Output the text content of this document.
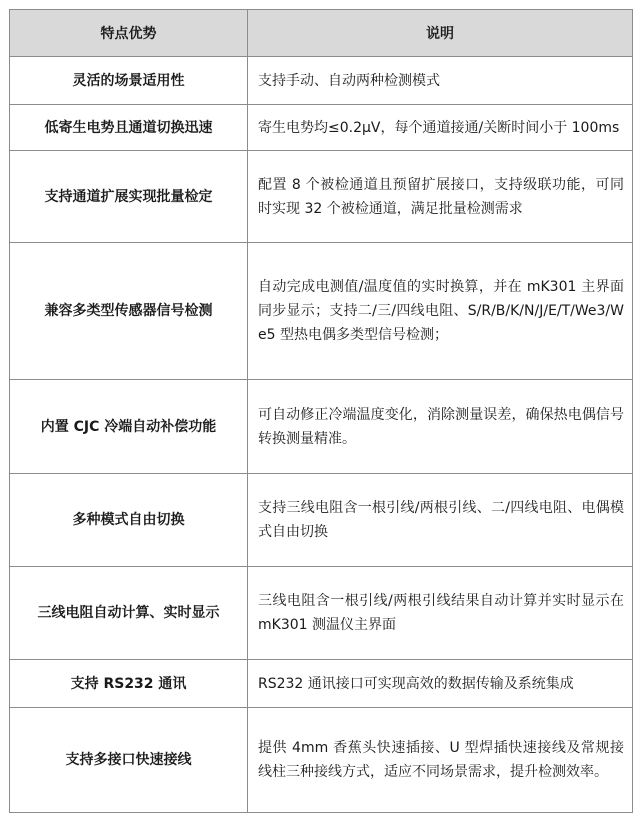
特点优势	说明
灵活的场景适用性	支持手动、自动两种检测模式
低寄生电势且通道切换迅速	寄生电势均≤0.2μV，每个通道接通/关断时间小于 100ms
支持通道扩展实现批量检定	配置 8 个被检通道且预留扩展接口，支持级联功能，可同时实现 32 个被检通道，满足批量检测需求
兼容多类型传感器信号检测	自动完成电测值/温度值的实时换算，并在 mK301 主界面同步显示；支持二/三/四线电阻、S/R/B/K/N/J/E/T/We3/We5 型热电偶多类型信号检测；
内置 CJC 冷端自动补偿功能	可自动修正冷端温度变化，消除测量误差，确保热电偶信号转换测量精准。
多种模式自由切换	支持三线电阻含一根引线/两根引线、二/四线电阻、电偶模式自由切换
三线电阻自动计算、实时显示	三线电阻含一根引线/两根引线结果自动计算并实时显示在 mK301 测温仪主界面
支持 RS232 通讯	RS232 通讯接口可实现高效的数据传输及系统集成
支持多接口快速接线	提供 4mm 香蕉头快速插接、U 型焊插快速接线及常规接线柱三种接线方式，适应不同场景需求，提升检测效率。
